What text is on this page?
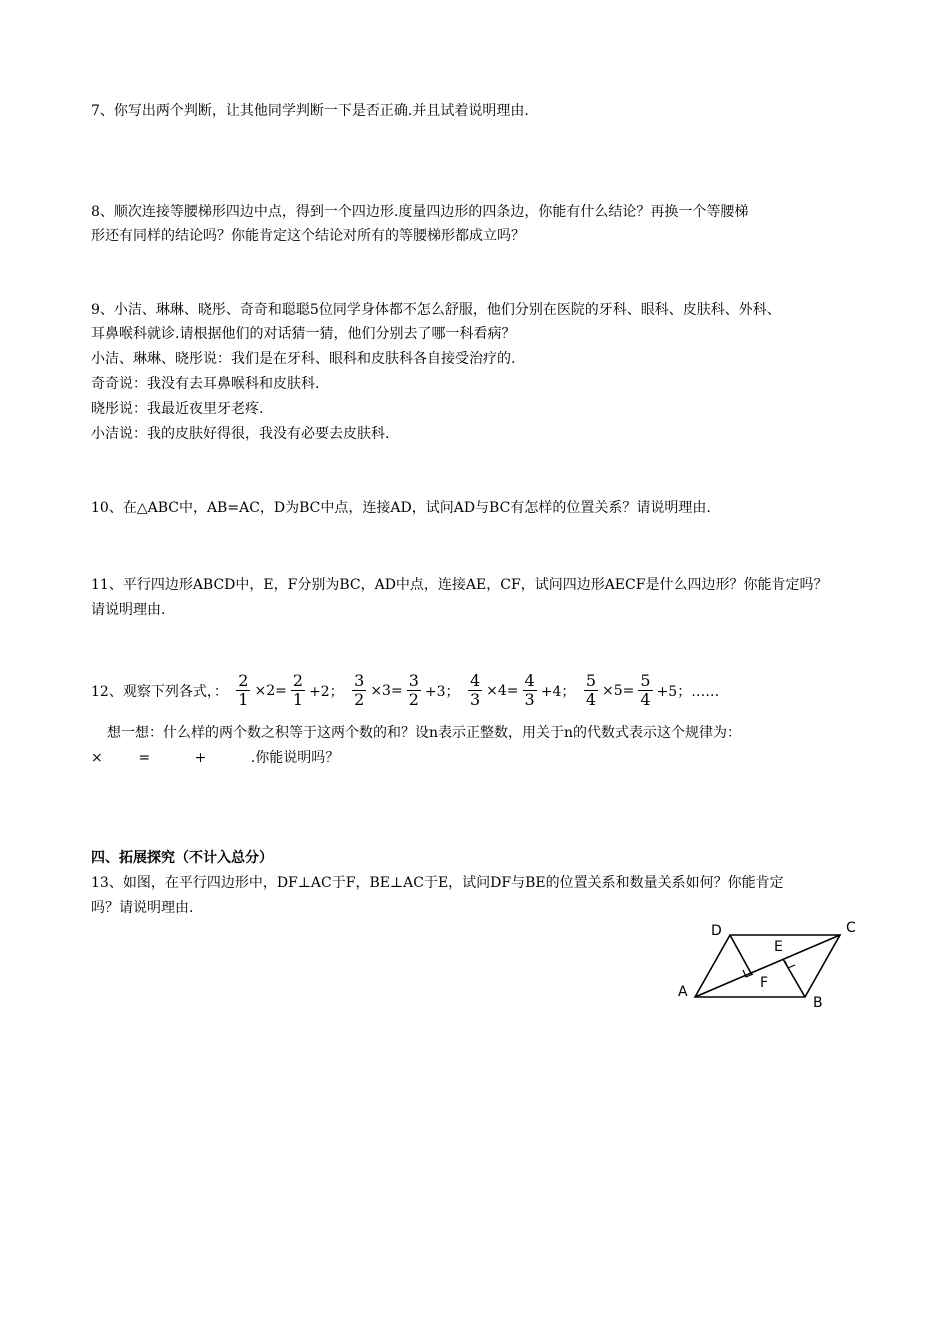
7、你写出两个判断，让其他同学判断一下是否正确.并且试着说明理由.
8、顺次连接等腰梯形四边中点，得到一个四边形.度量四边形的四条边，你能有什么结论？再换一个等腰梯
形还有同样的结论吗？你能肯定这个结论对所有的等腰梯形都成立吗？
9、小洁、琳琳、晓彤、奇奇和聪聪5位同学身体都不怎么舒服，他们分别在医院的牙科、眼科、皮肤科、外科、
耳鼻喉科就诊.请根据他们的对话猜一猜，他们分别去了哪一科看病？
小洁、琳琳、晓彤说：我们是在牙科、眼科和皮肤科各自接受治疗的.
奇奇说：我没有去耳鼻喉科和皮肤科.
晓彤说：我最近夜里牙老疼.
小洁说：我的皮肤好得很，我没有必要去皮肤科.
10、在△ABC中，AB=AC，D为BC中点，连接AD，试问AD与BC有怎样的位置关系？请说明理由.
11、平行四边形ABCD中，E，F分别为BC，AD中点，连接AE，CF，试问四边形AECF是什么四边形？你能肯定吗？
请说明理由.
12、观察下列各式，： $\frac{2}{1} \times 2= \frac{2}{1} +2$； $\frac{3}{2} \times 3= \frac{3}{2} +3$； $\frac{4}{3} \times 4= \frac{4}{3} +4$； $\frac{5}{4} \times 5= \frac{5}{4} +5$；……
想一想：什么样的两个数之积等于这两个数的和？设n表示正整数，用关于n的代数式表示这个规律为：
×        =          +          .你能说明吗？
四、拓展探究（不计入总分）
13、如图，在平行四边形中，DF⊥AC于F，BE⊥AC于E，试问DF与BE的位置关系和数量关系如何？你能肯定
吗？请说明理由.
A
B
C
D
E
F
